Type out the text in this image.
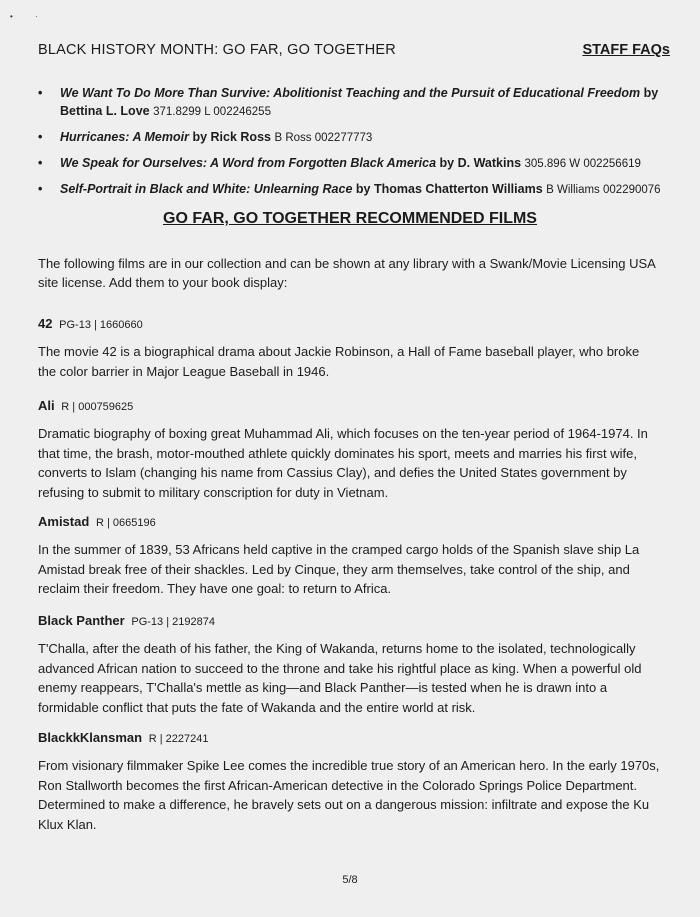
•          ·
BLACK HISTORY MONTH: GO FAR, GO TOGETHER	STAFF FAQs
• We Want To Do More Than Survive: Abolitionist Teaching and the Pursuit of Educational Freedom by Bettina L. Love 371.8299 L 002246255
• Hurricanes: A Memoir by Rick Ross B Ross 002277773
• We Speak for Ourselves: A Word from Forgotten Black America by D. Watkins 305.896 W 002256619
• Self-Portrait in Black and White: Unlearning Race by Thomas Chatterton Williams B Williams 002290076
GO FAR, GO TOGETHER RECOMMENDED FILMS
The following films are in our collection and can be shown at any library with a Swank/Movie Licensing USA site license. Add them to your book display:
42 PG-13 | 1660660
The movie 42 is a biographical drama about Jackie Robinson, a Hall of Fame baseball player, who broke the color barrier in Major League Baseball in 1946.
Ali R | 000759625
Dramatic biography of boxing great Muhammad Ali, which focuses on the ten-year period of 1964-1974. In that time, the brash, motor-mouthed athlete quickly dominates his sport, meets and marries his first wife, converts to Islam (changing his name from Cassius Clay), and defies the United States government by refusing to submit to military conscription for duty in Vietnam.
Amistad R | 0665196
In the summer of 1839, 53 Africans held captive in the cramped cargo holds of the Spanish slave ship La Amistad break free of their shackles. Led by Cinque, they arm themselves, take control of the ship, and reclaim their freedom. They have one goal: to return to Africa.
Black Panther PG-13 | 2192874
T'Challa, after the death of his father, the King of Wakanda, returns home to the isolated, technologically advanced African nation to succeed to the throne and take his rightful place as king. When a powerful old enemy reappears, T'Challa's mettle as king—and Black Panther—is tested when he is drawn into a formidable conflict that puts the fate of Wakanda and the entire world at risk.
BlackkKlansman R | 2227241
From visionary filmmaker Spike Lee comes the incredible true story of an American hero. In the early 1970s, Ron Stallworth becomes the first African-American detective in the Colorado Springs Police Department. Determined to make a difference, he bravely sets out on a dangerous mission: infiltrate and expose the Ku Klux Klan.
5/8
